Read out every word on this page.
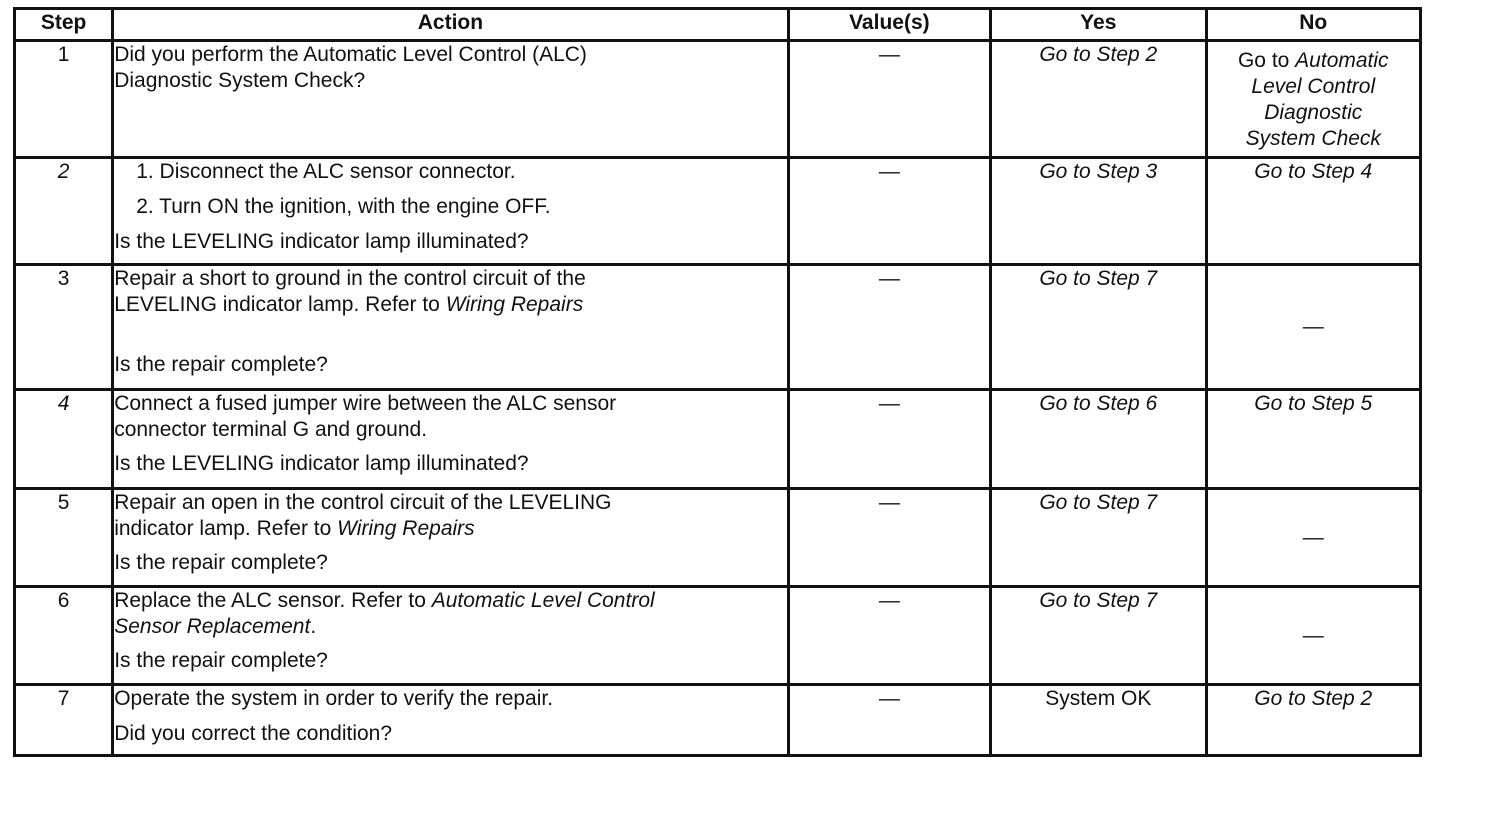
Step	Action	Value(s)	Yes	No
1	Did you perform the Automatic Level Control (ALC)
Diagnostic System Check?	—	Go to Step 2	Go to Automatic
Level Control
Diagnostic
System Check

2	1. Disconnect the ALC sensor connector.
2. Turn ON the ignition, with the engine OFF.
Is the LEVELING indicator lamp illuminated?	—	Go to Step 3	Go to Step 4
3	Repair a short to ground in the control circuit of the
LEVELING indicator lamp. Refer to Wiring Repairs
Is the repair complete?	—	Go to Step 7	—
4	Connect a fused jumper wire between the ALC sensor
connector terminal G and ground.
Is the LEVELING indicator lamp illuminated?	—	Go to Step 6	Go to Step 5
5	Repair an open in the control circuit of the LEVELING
indicator lamp. Refer to Wiring Repairs
Is the repair complete?	—	Go to Step 7	—
6	Replace the ALC sensor. Refer to Automatic Level Control
Sensor Replacement.
Is the repair complete?	—	Go to Step 7	—
7	Operate the system in order to verify the repair.
Did you correct the condition?	—	System OK	Go to Step 2
